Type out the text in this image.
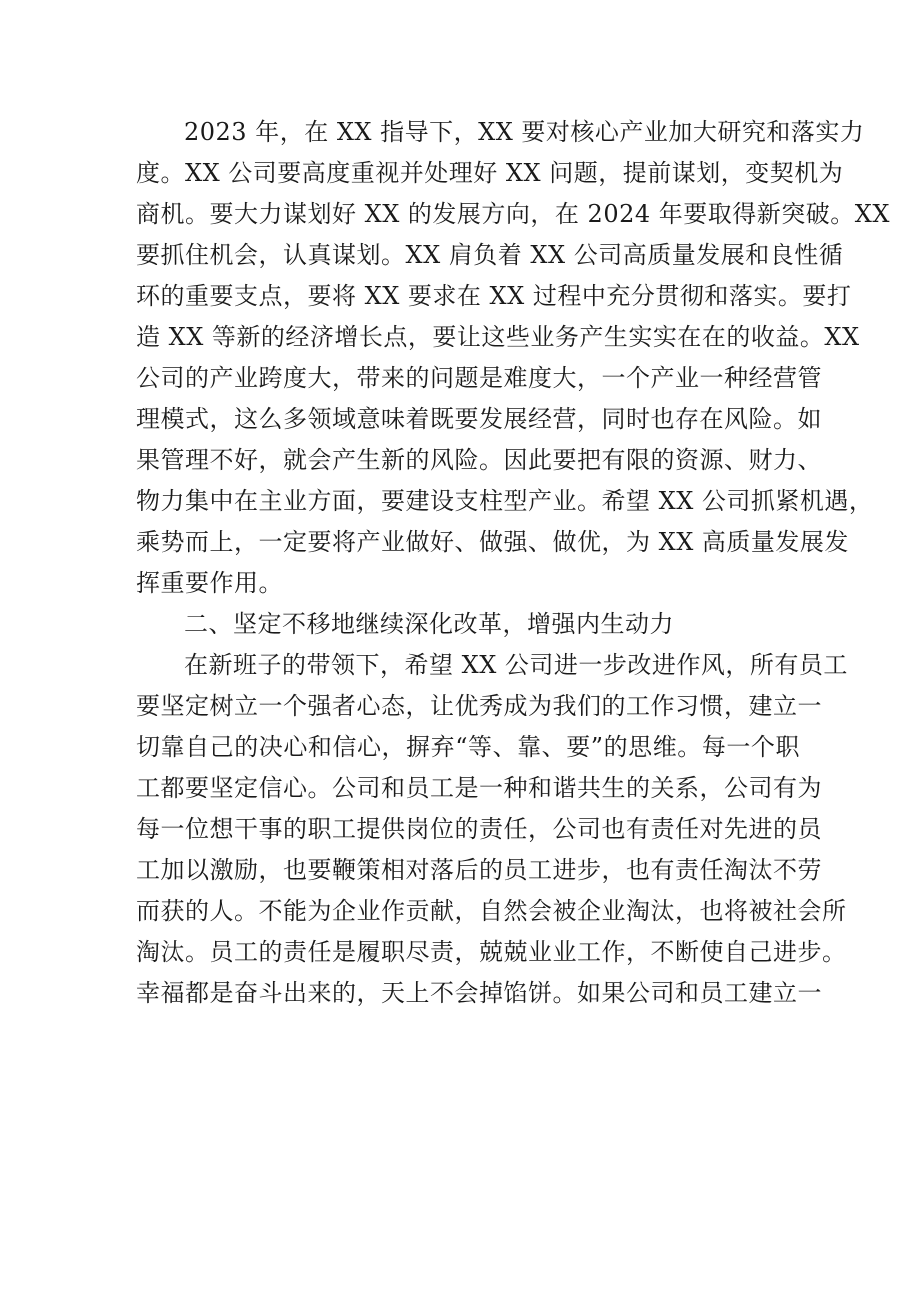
2023 年，在 XX 指导下，XX 要对核心产业加大研究和落实力
度。XX 公司要高度重视并处理好 XX 问题，提前谋划，变契机为
商机。要大力谋划好 XX 的发展方向，在 2024 年要取得新突破。XX
要抓住机会，认真谋划。XX 肩负着 XX 公司高质量发展和良性循
环的重要支点，要将 XX 要求在 XX 过程中充分贯彻和落实。要打
造 XX 等新的经济增长点，要让这些业务产生实实在在的收益。XX
公司的产业跨度大，带来的问题是难度大，一个产业一种经营管
理模式，这么多领域意味着既要发展经营，同时也存在风险。如
果管理不好，就会产生新的风险。因此要把有限的资源、财力、
物力集中在主业方面，要建设支柱型产业。希望 XX 公司抓紧机遇，
乘势而上，一定要将产业做好、做强、做优，为 XX 高质量发展发
挥重要作用。
二、坚定不移地继续深化改革，增强内生动力
在新班子的带领下，希望 XX 公司进一步改进作风，所有员工
要坚定树立一个强者心态，让优秀成为我们的工作习惯，建立一
切靠自己的决心和信心，摒弃“等、靠、要”的思维。每一个职
工都要坚定信心。公司和员工是一种和谐共生的关系，公司有为
每一位想干事的职工提供岗位的责任，公司也有责任对先进的员
工加以激励，也要鞭策相对落后的员工进步，也有责任淘汰不劳
而获的人。不能为企业作贡献，自然会被企业淘汰，也将被社会所
淘汰。员工的责任是履职尽责，兢兢业业工作，不断使自己进步。
幸福都是奋斗出来的，天上不会掉馅饼。如果公司和员工建立一
